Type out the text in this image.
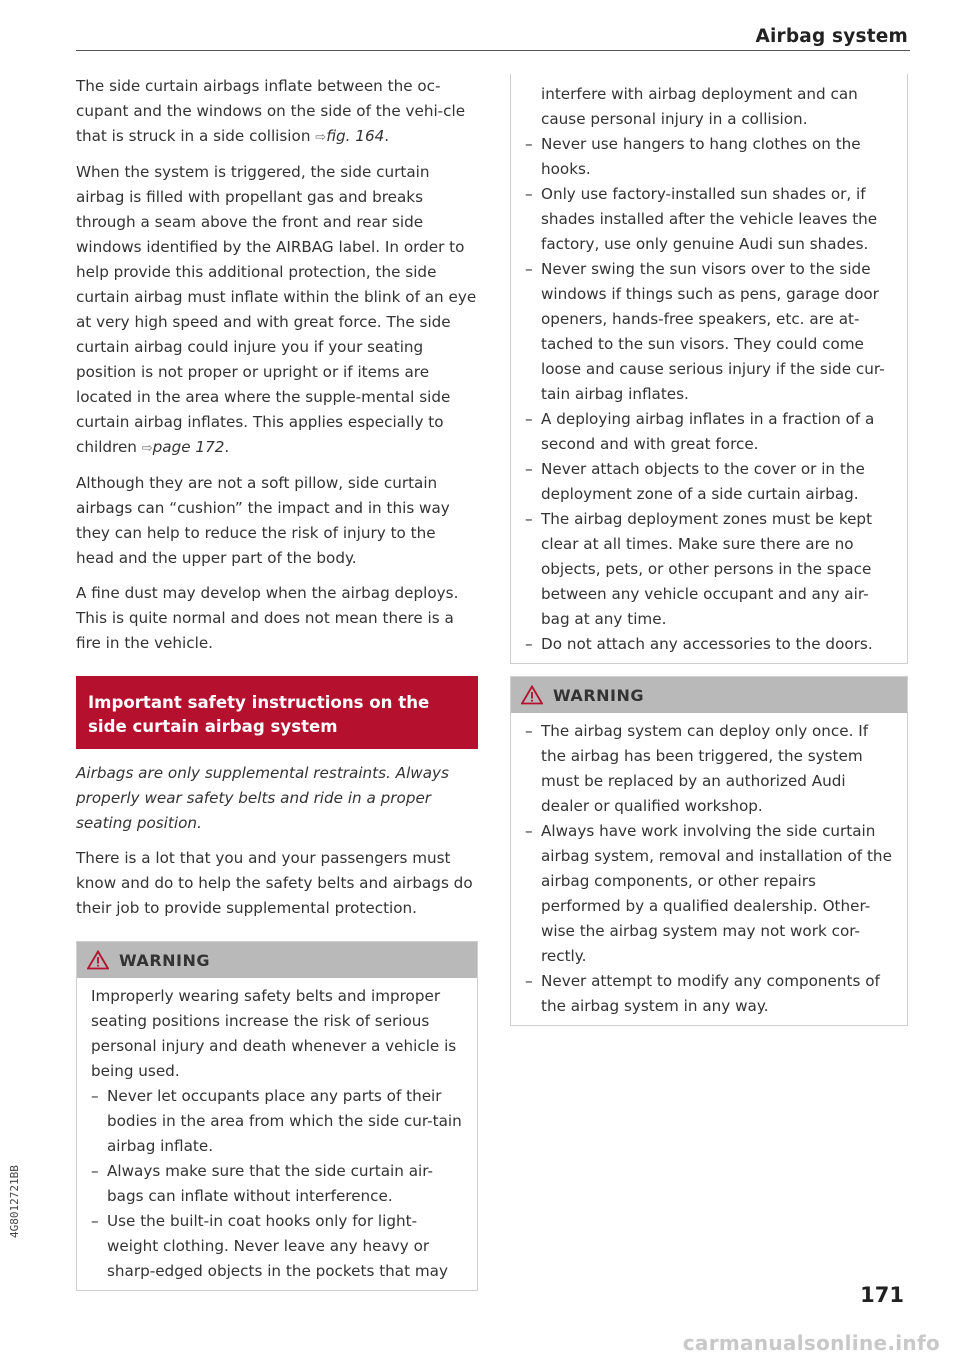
Airbag system

The side curtain airbags inflate between the oc-cupant and the windows on the side of the vehi-cle that is struck in a side collision ⇨fig. 164.

When the system is triggered, the side curtain airbag is filled with propellant gas and breaks through a seam above the front and rear side windows identified by the AIRBAG label. In order to help provide this additional protection, the side curtain airbag must inflate within the blink of an eye at very high speed and with great force. The side curtain airbag could injure you if your seating position is not proper or upright or if items are located in the area where the supple-mental side curtain airbag inflates. This applies especially to children ⇨page 172.

Although they are not a soft pillow, side curtain airbags can “cushion” the impact and in this way they can help to reduce the risk of injury to the head and the upper part of the body.

A fine dust may develop when the airbag deploys. This is quite normal and does not mean there is a fire in the vehicle.

Important safety instructions on the side curtain airbag system

Airbags are only supplemental restraints. Always properly wear safety belts and ride in a proper seating position.

There is a lot that you and your passengers must know and do to help the safety belts and airbags do their job to provide supplemental protection.

WARNING

Improperly wearing safety belts and improper seating positions increase the risk of serious personal injury and death whenever a vehicle is being used.

– Never let occupants place any parts of their bodies in the area from which the side cur-tain airbag inflate.
– Always make sure that the side curtain air-bags can inflate without interference.
– Use the built-in coat hooks only for light-weight clothing. Never leave any heavy or sharp-edged objects in the pockets that may

interfere with airbag deployment and can cause personal injury in a collision.

– Never use hangers to hang clothes on the hooks.
– Only use factory-installed sun shades or, if shades installed after the vehicle leaves the factory, use only genuine Audi sun shades.
– Never swing the sun visors over to the side windows if things such as pens, garage door openers, hands-free speakers, etc. are at-tached to the sun visors. They could come loose and cause serious injury if the side cur-tain airbag inflates.
– A deploying airbag inflates in a fraction of a second and with great force.
– Never attach objects to the cover or in the deployment zone of a side curtain airbag.
– The airbag deployment zones must be kept clear at all times. Make sure there are no objects, pets, or other persons in the space between any vehicle occupant and any air-bag at any time.
– Do not attach any accessories to the doors.
WARNING
– The airbag system can deploy only once. If the airbag has been triggered, the system must be replaced by an authorized Audi dealer or qualified workshop.
– Always have work involving the side curtain airbag system, removal and installation of the airbag components, or other repairs performed by a qualified dealership. Other-wise the airbag system may not work cor-rectly.
– Never attempt to modify any components of the airbag system in any way.
4G8012721BB
171
carmanualsonline.info
